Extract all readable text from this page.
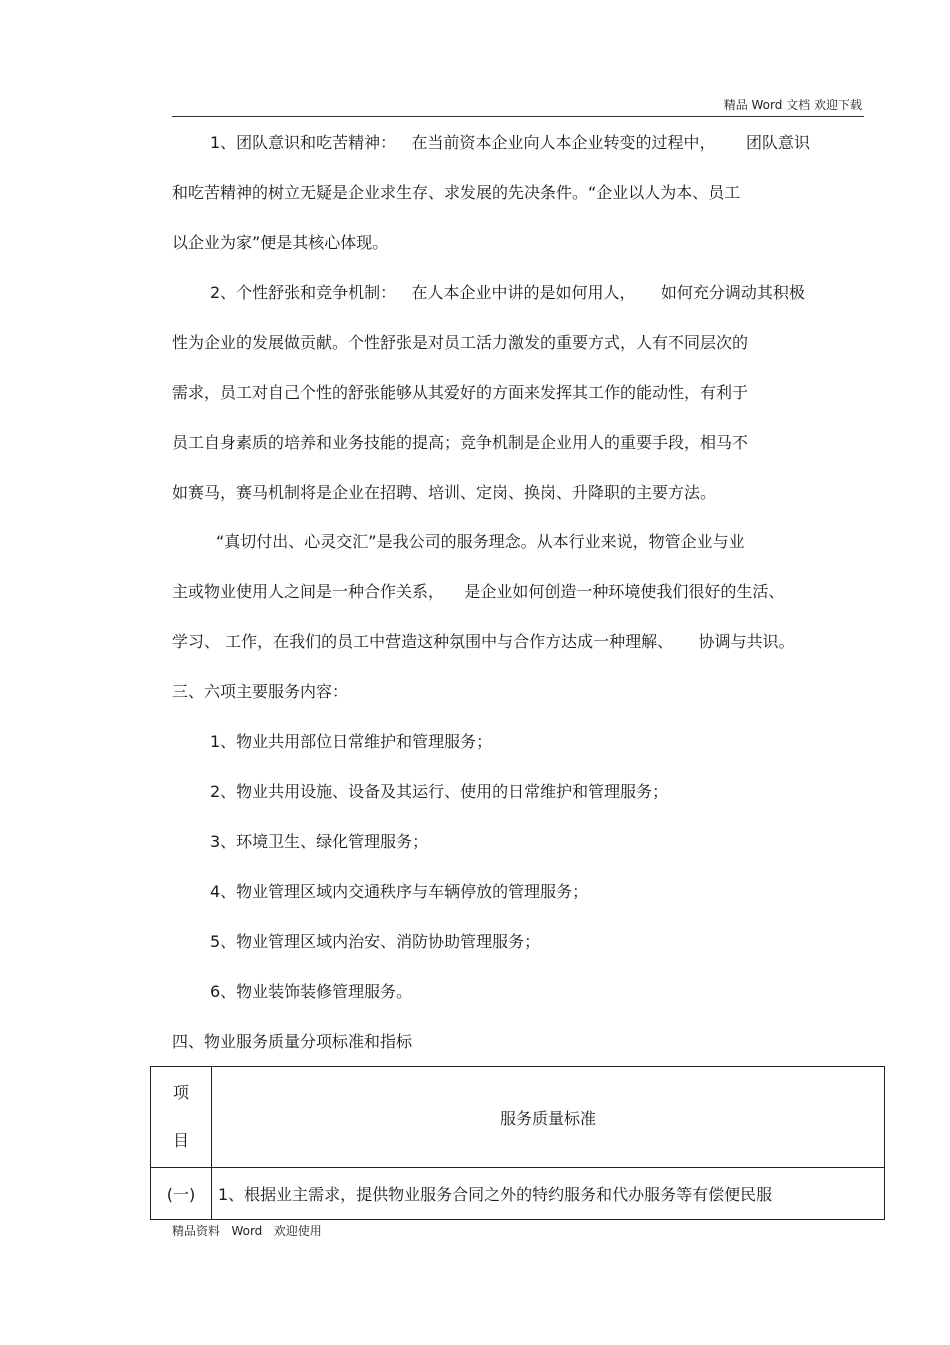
精品 Word 文档 欢迎下载
1、团队意识和吃苦精神：   在当前资本企业向人本企业转变的过程中，      团队意识
和吃苦精神的树立无疑是企业求生存、求发展的先决条件。“企业以人为本、员工
以企业为家”便是其核心体现。
2、个性舒张和竞争机制：   在人本企业中讲的是如何用人，     如何充分调动其积极
性为企业的发展做贡献。个性舒张是对员工活力激发的重要方式，人有不同层次的
需求，员工对自己个性的舒张能够从其爱好的方面来发挥其工作的能动性，有利于
员工自身素质的培养和业务技能的提高；竞争机制是企业用人的重要手段，相马不
如赛马，赛马机制将是企业在招聘、培训、定岗、换岗、升降职的主要方法。
“真切付出、心灵交汇”是我公司的服务理念。从本行业来说，物管企业与业
主或物业使用人之间是一种合作关系，    是企业如何创造一种环境使我们很好的生活、
学习、 工作，在我们的员工中营造这种氛围中与合作方达成一种理解、     协调与共识。
三、六项主要服务内容：
1、物业共用部位日常维护和管理服务；
2、物业共用设施、设备及其运行、使用的日常维护和管理服务；
3、环境卫生、绿化管理服务；
4、物业管理区域内交通秩序与车辆停放的管理服务；
5、物业管理区域内治安、消防协助管理服务；
6、物业装饰装修管理服务。
四、物业服务质量分项标准和指标
项
目	服务质量标准
(一)	1、根据业主需求，提供物业服务合同之外的特约服务和代办服务等有偿便民服
精品资料   Word   欢迎使用
